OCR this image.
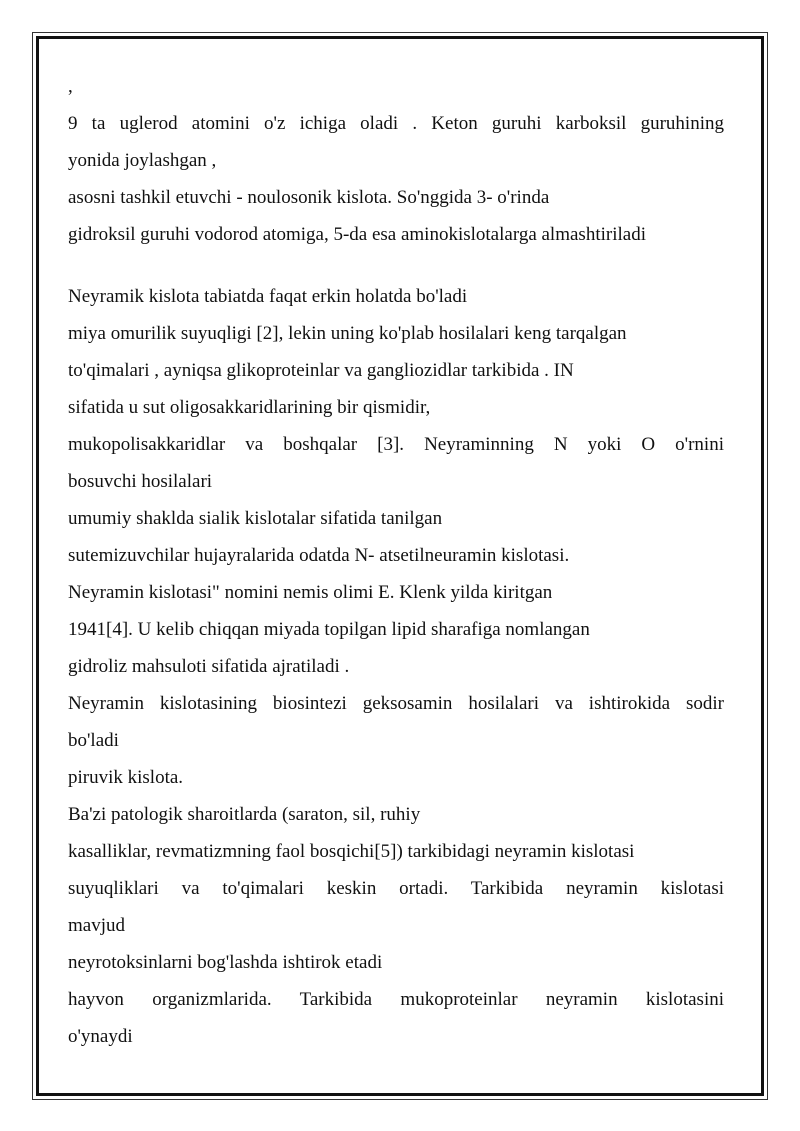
,
9 ta uglerod atomini o'z ichiga oladi . Keton guruhi karboksil guruhining
yonida joylashgan ,
asosni tashkil etuvchi - noulosonik kislota. So'nggida 3- o'rinda
gidroksil guruhi vodorod atomiga, 5-da esa aminokislotalarga almashtiriladi
Neyramik kislota tabiatda faqat erkin holatda bo'ladi
miya omurilik suyuqligi [2], lekin uning ko'plab hosilalari keng tarqalgan
to'qimalari , ayniqsa glikoproteinlar va gangliozidlar tarkibida . IN
sifatida u sut oligosakkaridlarining bir qismidir,
mukopolisakkaridlar va boshqalar [3]. Neyraminning N yoki O o'rnini
bosuvchi hosilalari
umumiy shakldа sialik kislotalar sifatida tanilgan
sutemizuvchilar hujayralarida odatda N- atsetilneuramin kislotasi.
Neyramin kislotasi" nomini nemis olimi E. Klenk yilda kiritgan
1941[4]. U kelib chiqqan miyada topilgan lipid sharafiga nomlangan
gidroliz mahsuloti sifatida ajratiladi .
Neyramin kislotasining biosintezi geksosamin hosilalari va ishtirokida sodir
bo'ladi
piruvik kislota.
Ba'zi patologik sharoitlarda (saraton, sil, ruhiy
kasalliklar, revmatizmning faol bosqichi[5]) tarkibidagi neyramin kislotasi
suyuqliklari va to'qimalari keskin ortadi. Tarkibida neyramin kislotasi
mavjud
neyrotoksinlarni bog'lashda ishtirok etadi
hayvon organizmlarida. Tarkibida mukoproteinlar neyramin kislotasini
o'ynaydi
